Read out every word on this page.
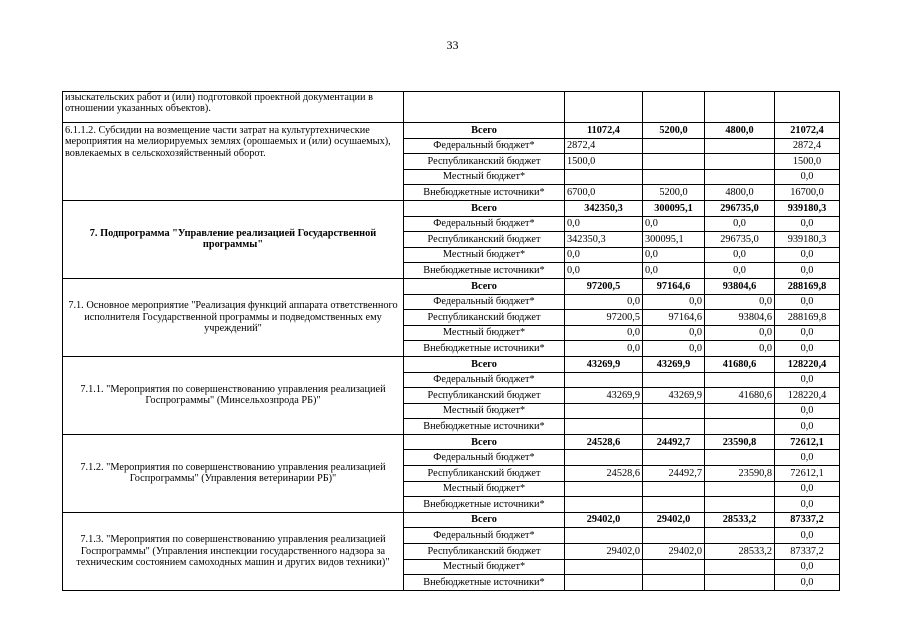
33
изыскательских работ и (или) подготовкой проектной документации в отношении указанных объектов).					
6.1.1.2. Субсидии на возмещение части затрат на культуртехнические мероприятия на мелиорируемых землях (орошаемых и (или) осушаемых), вовлекаемых в сельскохозяйственный оборот.	Всего	11072,4	5200,0	4800,0	21072,4
	Федеральный бюджет*	2872,4			2872,4
	Республиканский бюджет	1500,0			1500,0
	Местный бюджет*				0,0
	Внебюджетные источники*	6700,0	5200,0	4800,0	16700,0
7. Подпрограмма "Управление реализацией Государственной программы"	Всего	342350,3	300095,1	296735,0	939180,3
	Федеральный бюджет*	0,0	0,0	0,0	0,0
	Республиканский бюджет	342350,3	300095,1	296735,0	939180,3
	Местный бюджет*	0,0	0,0	0,0	0,0
	Внебюджетные источники*	0,0	0,0	0,0	0,0
7.1. Основное мероприятие "Реализация функций аппарата ответственного исполнителя Государственной программы и подведомственных ему учреждений"	Всего	97200,5	97164,6	93804,6	288169,8
	Федеральный бюджет*	0,0	0,0	0,0	0,0
	Республиканский бюджет	97200,5	97164,6	93804,6	288169,8
	Местный бюджет*	0,0	0,0	0,0	0,0
	Внебюджетные источники*	0,0	0,0	0,0	0,0
7.1.1. "Мероприятия по совершенствованию управления реализацией Госпрограммы" (Минсельхозпрода РБ)"	Всего	43269,9	43269,9	41680,6	128220,4
	Федеральный бюджет*				0,0
	Республиканский бюджет	43269,9	43269,9	41680,6	128220,4
	Местный бюджет*				0,0
	Внебюджетные источники*				0,0
7.1.2. "Мероприятия по совершенствованию управления реализацией Госпрограммы" (Управления ветеринарии РБ)"	Всего	24528,6	24492,7	23590,8	72612,1
	Федеральный бюджет*				0,0
	Республиканский бюджет	24528,6	24492,7	23590,8	72612,1
	Местный бюджет*				0,0
	Внебюджетные источники*				0,0
7.1.3. "Мероприятия по совершенствованию управления реализацией Госпрограммы" (Управления инспекции государственного надзора за техническим состоянием самоходных машин и других видов техники)"	Всего	29402,0	29402,0	28533,2	87337,2
	Федеральный бюджет*				0,0
	Республиканский бюджет	29402,0	29402,0	28533,2	87337,2
	Местный бюджет*				0,0
	Внебюджетные источники*				0,0
